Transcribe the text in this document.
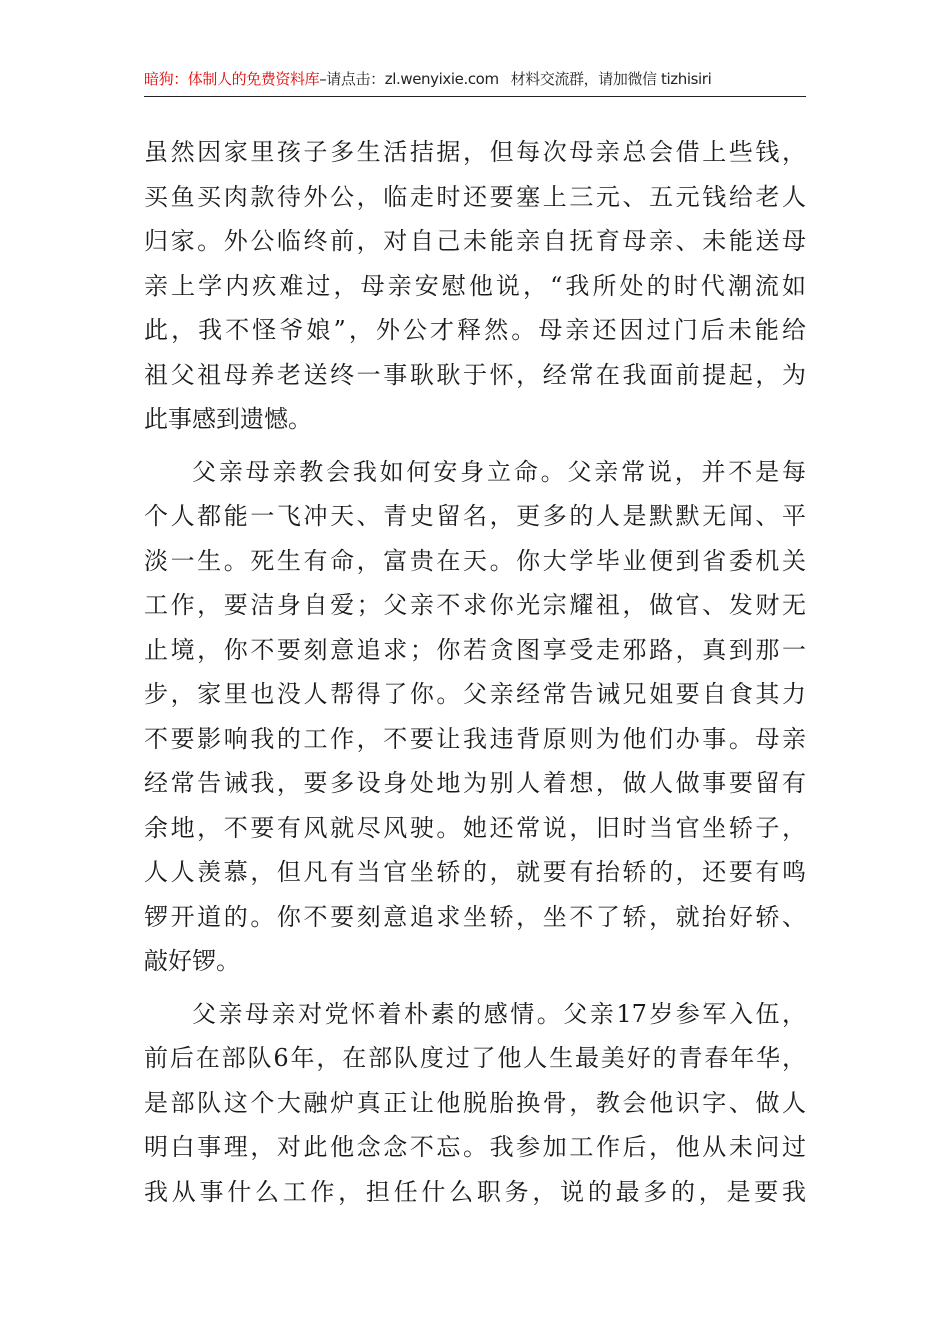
暗狗：体制人的免费资料库–请点击：zl.wenyixie.com 材料交流群，请加微信 tizhisiri
虽然因家里孩子多生活拮据，但每次母亲总会借上些钱，
买鱼买肉款待外公，临走时还要塞上三元、五元钱给老人
归家。外公临终前，对自己未能亲自抚育母亲、未能送母
亲上学内疚难过，母亲安慰他说，“我所处的时代潮流如
此，我不怪爷娘”，外公才释然。母亲还因过门后未能给
祖父祖母养老送终一事耿耿于怀，经常在我面前提起，为
此事感到遗憾。
父亲母亲教会我如何安身立命。父亲常说，并不是每
个人都能一飞冲天、青史留名，更多的人是默默无闻、平
淡一生。死生有命，富贵在天。你大学毕业便到省委机关
工作，要洁身自爱；父亲不求你光宗耀祖，做官、发财无
止境，你不要刻意追求；你若贪图享受走邪路，真到那一
步，家里也没人帮得了你。父亲经常告诫兄姐要自食其力
不要影响我的工作，不要让我违背原则为他们办事。母亲
经常告诫我，要多设身处地为别人着想，做人做事要留有
余地，不要有风就尽风驶。她还常说，旧时当官坐轿子，
人人羡慕，但凡有当官坐轿的，就要有抬轿的，还要有鸣
锣开道的。你不要刻意追求坐轿，坐不了轿，就抬好轿、
敲好锣。
父亲母亲对党怀着朴素的感情。父亲17岁参军入伍，
前后在部队6年，在部队度过了他人生最美好的青春年华，
是部队这个大融炉真正让他脱胎换骨，教会他识字、做人
明白事理，对此他念念不忘。我参加工作后，他从未问过
我从事什么工作，担任什么职务，说的最多的，是要我
